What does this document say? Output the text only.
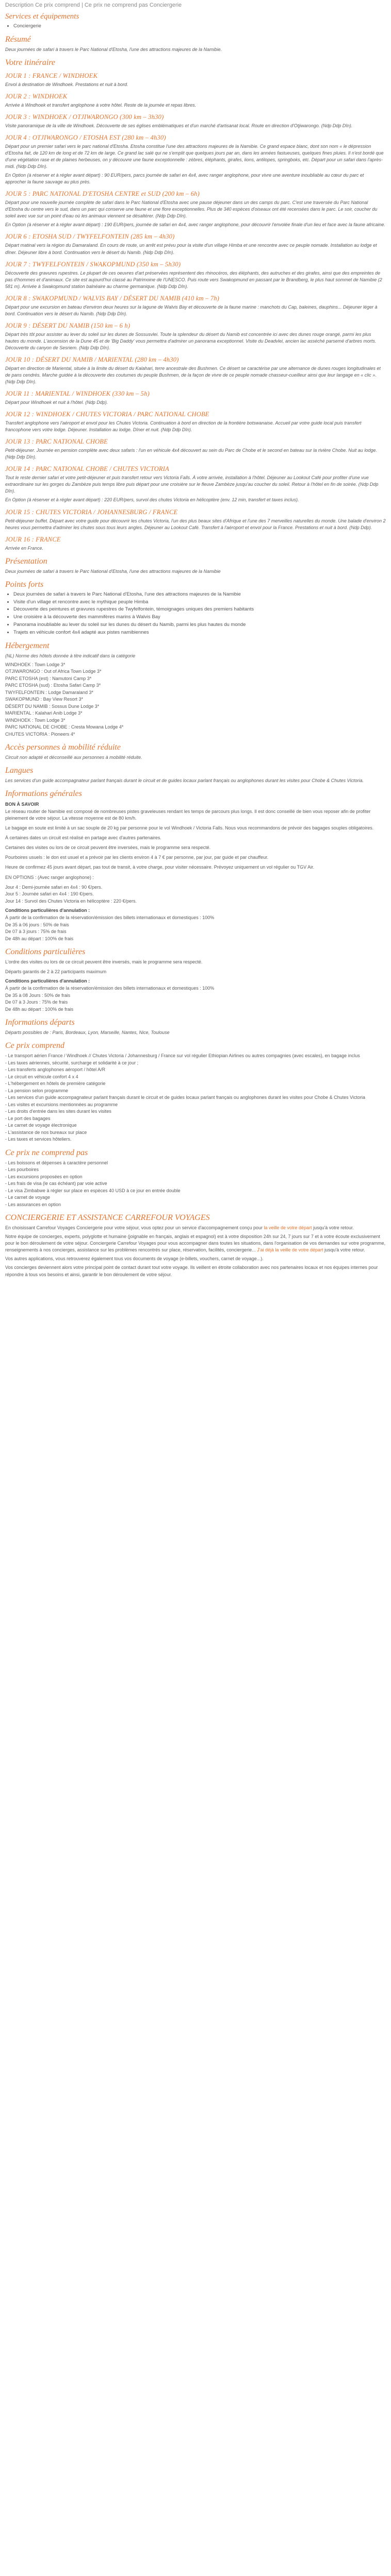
Description Ce prix comprend | Ce prix ne comprend pas Conciergerie
Services et équipements
• Conciergerie
Résumé

Deux journées de safari à travers le Parc National d'Etosha, l'une des attractions majeures de la Namibie.

Votre itinéraire
JOUR 1 : FRANCE / WINDHOEK

Envol à destination de Windhoek. Prestations et nuit à bord.

JOUR 2 : WINDHOEK

Arrivée à Windhoek et transfert anglophone à votre hôtel. Reste de la journée et repas libres.

JOUR 3 : WINDHOEK / OTJIWARONGO (300 km – 3h30)

Visite panoramique de la ville de Windhoek. Découverte de ses églises emblématiques et d'un marché d'artisanat local. Route en direction d'Otjiwarongo. (Ndp Ddp Dîn).

JOUR 4 : OTJIWARONGO / ETOSHA EST (280 km – 4h30)

Départ pour un premier safari vers le parc national d'Etosha. Etosha constitue l'une des attractions majeures de la Namibie. Ce grand espace blanc, dont son nom « le dépression d'Etosha fait, de 120 km de long et de 72 km de large. Ce grand lac salé qui ne s'emplit que quelques jours par an, dans les années fastueuses, quelques fines pluies. Il n'est bordé que d'une végétation rase et de plaines herbeuses, on y découvre une faune exceptionnelle : zèbres, éléphants, girafes, lions, antilopes, springboks, etc. Départ pour un safari dans l'après-midi. (Ndp Ddp Dîn).

En Option (à réserver et à régler avant départ) : 90 EUR/pers, parcs journée de safari en 4x4, avec ranger anglophone, pour vivre une aventure inoubliable au cœur du parc et approcher la faune sauvage au plus près.

JOUR 5 : PARC NATIONAL D'ETOSHA CENTRE et SUD (200 km – 6h)

Départ pour une nouvelle journée complète de safari dans le Parc National d'Etosha avec une pause déjeuner dans un des camps du parc. C'est une traversée du Parc National d'Etosha du centre vers le sud, dans un parc qui conserve une faune et une flore exceptionnelles. Plus de 340 espèces d'oiseaux ont été recensées dans le parc. Le soir, coucher du soleil avec vue sur un point d'eau où les animaux viennent se désaltérer. (Ndp Ddp Dîn).

En Option (à réserver et à régler avant départ) : 190 EUR/pers, journée de safari en 4x4, avec ranger anglophone, pour découvrir l'envolée finale d'un lieu et face avec la faune africaine.

JOUR 6 : ETOSHA SUD / TWYFELFONTEIN (285 km – 4h30)

Départ matinal vers la région du Damaraland. En cours de route, un arrêt est prévu pour la visite d'un village Himba et une rencontre avec ce peuple nomade. Installation au lodge et dîner. Déjeuner libre à bord. Continuation vers le désert du Namib. (Ndp Ddp Dîn).

JOUR 7 : TWYFELFONTEIN / SWAKOPMUND (350 km – 5h30)

Découverte des gravures rupestres. Le plupart de ces oeuvres d'art préservées représentent des rhinocéros, des éléphants, des autruches et des girafes, ainsi que des empreintes de pas d'hommes et d'animaux. Ce site est aujourd'hui classé au Patrimoine de l'UNESCO. Puis route vers Swakopmund en passant par le Brandberg, le plus haut sommet de Namibie (2 581 m). Arrivée à Swakopmund station balnéaire au charme germanique. (Ndp Ddp Dîn).

JOUR 8 : SWAKOPMUND / WALVIS BAY / DÉSERT DU NAMIB (410 km – 7h)

Départ pour une excursion en bateau d'environ deux heures sur la lagune de Walvis Bay et découverte de la faune marine : manchots du Cap, baleines, dauphins... Déjeuner léger à bord. Continuation vers le désert du Namib. (Ndp Ddp Dîn).

JOUR 9 : DÉSERT DU NAMIB (150 km – 6 h)

Départ très tôt pour assister au lever du soleil sur les dunes de Sossusvlei. Toute la splendeur du désert du Namib est concentrée ici avec des dunes rouge orangé, parmi les plus hautes du monde. L'ascension de la Dune 45 et de 'Big Daddy' vous permettra d'admirer un panorama exceptionnel. Visite du Deadvlei, ancien lac asséché parsemé d'arbres morts. Découverte du canyon de Sesriem. (Ndp Ddp Dîn).

JOUR 10 : DÉSERT DU NAMIB / MARIENTAL (280 km – 4h30)

Départ en direction de Mariental, située à la limite du désert du Kalahari, terre ancestrale des Bushmen. Ce désert se caractérise par une alternance de dunes rouges longitudinales et de pans cendrés. Marche guidée à la découverte des coutumes du peuple Bushmen, de la façon de vivre de ce peuple nomade chasseur-cueilleur ainsi que leur langage en « clic ». (Ndp Ddp Dîn).

JOUR 11 : MARIENTAL / WINDHOEK (330 km – 5h)

Départ pour Windhoek et nuit à l'hôtel. (Ndp Ddp).

JOUR 12 : WINDHOEK / CHUTES VICTORIA / PARC NATIONAL CHOBE

Transfert anglophone vers l'aéroport et envol pour les Chutes Victoria. Continuation à bord en direction de la frontière botswanaise. Accueil par votre guide local puis transfert francophone vers votre lodge. Déjeuner. Installation au lodge. Dîner et nuit. (Ndp Ddp Dîn).

JOUR 13 : PARC NATIONAL CHOBE

Petit-déjeuner. Journée en pension complète avec deux safaris : l'un en véhicule 4x4 découvert au sein du Parc de Chobe et le second en bateau sur la rivière Chobe. Nuit au lodge. (Ndp Ddp Dîn).

JOUR 14 : PARC NATIONAL CHOBE / CHUTES VICTORIA

Tout le reste dernier safari et votre petit-déjeuner et puis transfert retour vers Victoria Falls. À votre arrivée, installation à l'hôtel. Déjeuner au Lookout Café pour profiter d'une vue extraordinaire sur les gorges du Zambèze puis temps libre puis départ pour une croisière sur le fleuve Zambèze jusqu'au coucher du soleil. Retour à l'hôtel en fin de soirée. (Ndp Ddp Dîn).

En Option (à réserver et à régler avant départ) : 220 EUR/pers, survol des chutes Victoria en hélicoptère (env. 12 min, transfert et taxes inclus).

JOUR 15 : CHUTES VICTORIA / JOHANNESBURG / FRANCE

Petit-déjeuner buffet. Départ avec votre guide pour découvrir les chutes Victoria, l'un des plus beaux sites d'Afrique et l'une des 7 merveilles naturelles du monde. Une balade d'environ 2 heures vous permettra d'admirer les chutes sous tous leurs angles. Déjeuner au Lookout Café. Transfert à l'aéroport et envol pour la France. Prestations et nuit à bord. (Ndp Ddp).

JOUR 16 : FRANCE

Arrivée en France.

Présentation

Deux journées de safari à travers le Parc National d'Etosha, l'une des attractions majeures de la Namibie

Points forts
• Deux journées de safari à travers le Parc National d'Etosha, l'une des attractions majeures de la Namibie
• Visite d'un village et rencontre avec le mythique peuple Himba
• Découverte des peintures et gravures rupestres de Twyfelfontein, témoignages uniques des premiers habitants
• Une croisière à la découverte des mammifères marins à Walvis Bay
• Panorama inoubliable au lever du soleil sur les dunes du désert du Namib, parmi les plus hautes du monde
• Trajets en véhicule confort 4x4 adapté aux pistes namibiennes
Hébergement

(NL) Norme des hôtels donnée à titre indicatif dans la catégorie

WINDHOEK : Town Lodge 3*
OTJIWARONGO : Out of Africa Town Lodge 3*
PARC ETOSHA (est) : Namutoni Camp 3*
PARC ETOSHA (sud) : Etosha Safari Camp 3*
TWYFELFONTEIN : Lodge Damaraland 3*
SWAKOPMUND : Bay View Resort 3*
DÉSERT DU NAMIB : Sossus Dune Lodge 3*
MARIENTAL : Kalahari Anib Lodge 3*
WINDHOEK : Town Lodge 3*
PARC NATIONAL DE CHOBE : Cresta Mowana Lodge 4*
CHUTES VICTORIA : Pioneers 4*
Accès personnes à mobilité réduite

Circuit non adapté et déconseillé aux personnes à mobilité réduite.

Langues

Les services d'un guide accompagnateur parlant français durant le circuit et de guides locaux parlant français ou anglophones durant les visites pour Chobe & Chutes Victoria.

Informations générales
BON À SAVOIR

Le réseau routier de Namibie est composé de nombreuses pistes graveleuses rendant les temps de parcours plus longs. Il est donc conseillé de bien vous reposer afin de profiter pleinement de votre séjour. La vitesse moyenne est de 80 km/h.

Le bagage en soute est limité à un sac souple de 20 kg par personne pour le vol Windhoek / Victoria Falls. Nous vous recommandons de prévoir des bagages souples obligatoires.

À certaines dates un circuit est réalisé en partage avec d'autres partenaires.

Certaines des visites ou lors de ce circuit peuvent être inversées, mais le programme sera respecté.

Pourboires usuels : le don est usuel et a prévoir par les clients environ 4 à 7 € par personne, par jour, par guide et par chauffeur.

Heure de confirmez 45 jours avant départ, pas tout de transit, à votre charge, pour visiter nécessaire. Prévoyez uniquement un vol régulier ou TGV Air.

EN OPTIONS : (Avec ranger anglophone) :
Jour 4 : Demi-journée safari en 4x4 : 90 €/pers.
Jour 5 : Journée safari en 4x4 : 190 €/pers.
Jour 14 : Survol des Chutes Victoria en hélicoptère : 220 €/pers.
Conditions particulières d'annulation :
À partir de la confirmation de la réservation/émission des billets internationaux et domestiques : 100%
De 35 à 06 jours : 50% de frais
De 07 à 3 jours : 75% de frais
De 48h au départ : 100% de frais
Conditions particulières

L'ordre des visites ou lors de ce circuit peuvent être inversés, mais le programme sera respecté.

Départs garantis de 2 à 22 participants maximum

Conditions particulières d'annulation :
À partir de la confirmation de la réservation/émission des billets internationaux et domestiques : 100%
De 35 à 08 Jours : 50% de frais
De 07 à 3 Jours : 75% de frais
De 48h au départ : 100% de frais
Informations départs

Départs possibles de : Paris, Bordeaux, Lyon, Marseille, Nantes, Nice, Toulouse

Ce prix comprend
- Le transport aérien France / Windhoek // Chutes Victoria / Johannesburg / France sur vol régulier Ethiopian Airlines ou autres compagnies (avec escales), en bagage inclus
- Les taxes aériennes, sécurité, surcharge et solidarité à ce jour ;
- Les transferts anglophones aéroport / hôtel A/R
- Le circuit en véhicule confort 4 x 4
- L'hébergement en hôtels de première catégorie
- La pension selon programme
- Les services d'un guide accompagnateur parlant français durant le circuit et de guides locaux parlant français ou anglophones durant les visites pour Chobe & Chutes Victoria
- Les visites et excursions mentionnées au programme
- Les droits d'entrée dans les sites durant les visites
- Le port des bagages
- Le carnet de voyage électronique
- L'assistance de nos bureaux sur place
- Les taxes et services hôteliers.
Ce prix ne comprend pas
- Les boissons et dépenses à caractère personnel
- Les pourboires
- Les excursions proposées en option
- Les frais de visa (le cas échéant) par voie active
- Le visa Zimbabwe à régler sur place en espèces 40 USD à ce jour en entrée double
- Le carnet de voyage
- Les assurances en option
CONCIERGERIE ET ASSISTANCE CARREFOUR VOYAGES

En choisissant Carrefour Voyages Conciergerie pour votre séjour, vous optez pour un service d'accompagnement conçu pour la veille de votre départ jusqu'à votre retour.

Notre équipe de concierges, experts, polyglotte et humaine (joignable en français, anglais et espagnol) est à votre disposition 24h sur 24, 7 jours sur 7 et à votre écoute exclusivement pour le bon déroulement de votre séjour. Conciergerie Carrefour Voyages pour vous accompagner dans toutes les situations, dans l'organisation de vos demandes sur votre programme, renseignements à nos concierges, assistance sur les problèmes rencontrés sur place, réservation, facilités, conciergerie... J'ai déjà la veille de votre départ jusqu'à votre retour.

Vos autres applications, vous retrouverez également tous vos documents de voyage (e-billets, vouchers, carnet de voyage...).

Vos concierges deviennent alors votre principal point de contact durant tout votre voyage. Ils veillent en étroite collaboration avec nos partenaires locaux et nos équipes internes pour répondre à tous vos besoins et ainsi, garantir le bon déroulement de votre séjour.
